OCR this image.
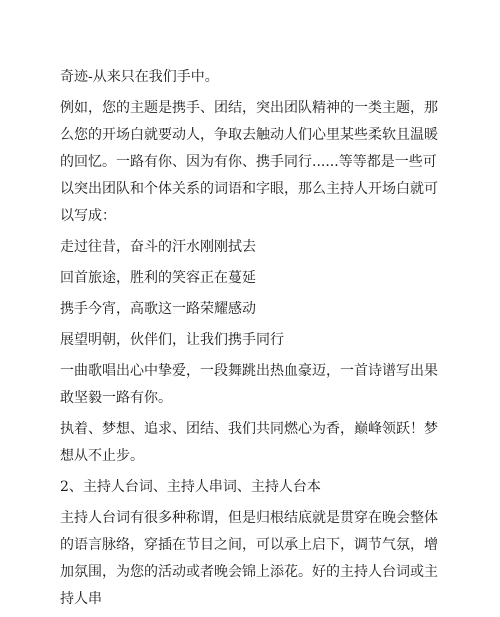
奇迹-从来只在我们手中。

例如，您的主题是携手、团结，突出团队精神的一类主题，那么您的开场白就要动人，争取去触动人们心里某些柔软且温暖的回忆。一路有你、因为有你、携手同行......等等都是一些可以突出团队和个体关系的词语和字眼，那么主持人开场白就可以写成：

走过往昔，奋斗的汗水刚刚拭去

回首旅途，胜利的笑容正在蔓延

携手今宵，高歌这一路荣耀感动

展望明朝，伙伴们，让我们携手同行

一曲歌唱出心中挚爱，一段舞跳出热血豪迈，一首诗谱写出果敢坚毅一路有你。

执着、梦想、追求、团结、我们共同燃心为香，巅峰领跃！梦想从不止步。

2、主持人台词、主持人串词、主持人台本

主持人台词有很多种称谓，但是归根结底就是贯穿在晚会整体的语言脉络，穿插在节目之间，可以承上启下，调节气氛，增加氛围，为您的活动或者晚会锦上添花。好的主持人台词或主持人串
